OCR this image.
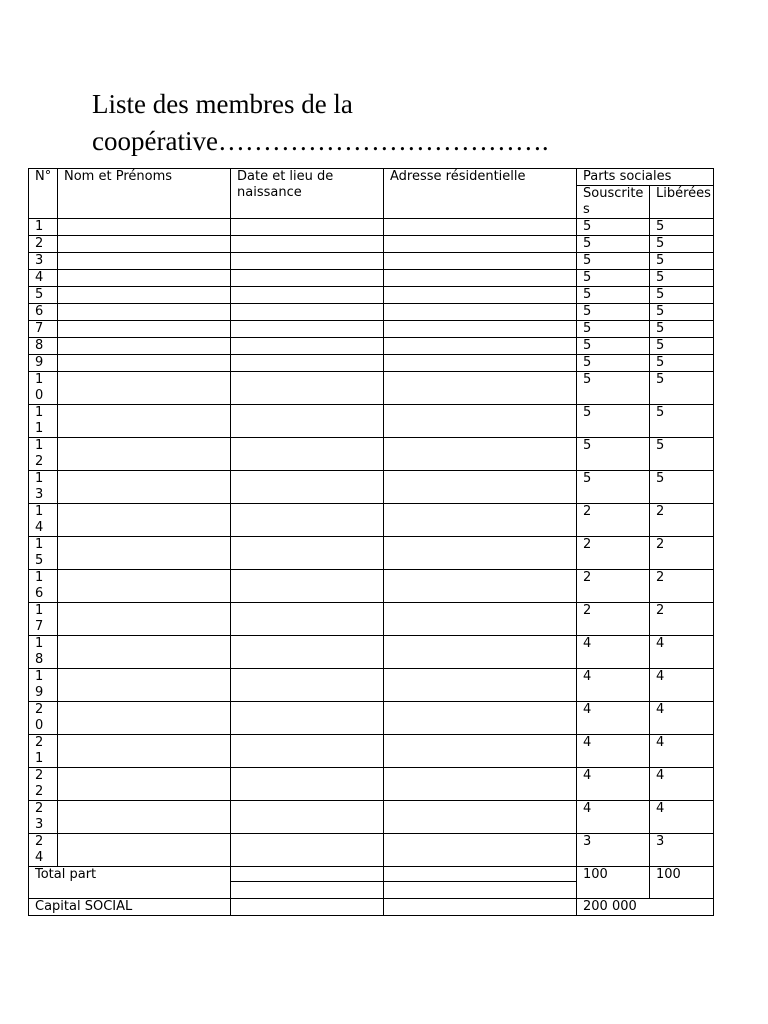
Liste des membres de la
coopérative……………………………….
N°	Nom et Prénoms	Date et lieu de naissance	Adresse résidentielle	Parts sociales	
				Souscrites	Libérées

1				5	5

2				5	5

3				5	5

4				5	5

5				5	5

6				5	5

7				5	5

8				5	5

9				5	5

10				5	5

11				5	5

12				5	5

13				5	5

14				2	2

15				2	2

16				2	2

17				2	2

18				4	4

19				4	4

20				4	4

21				4	4

22				4	4

23				4	4

24				3	3
Total part				100	100

Capital SOCIAL				200 000	
